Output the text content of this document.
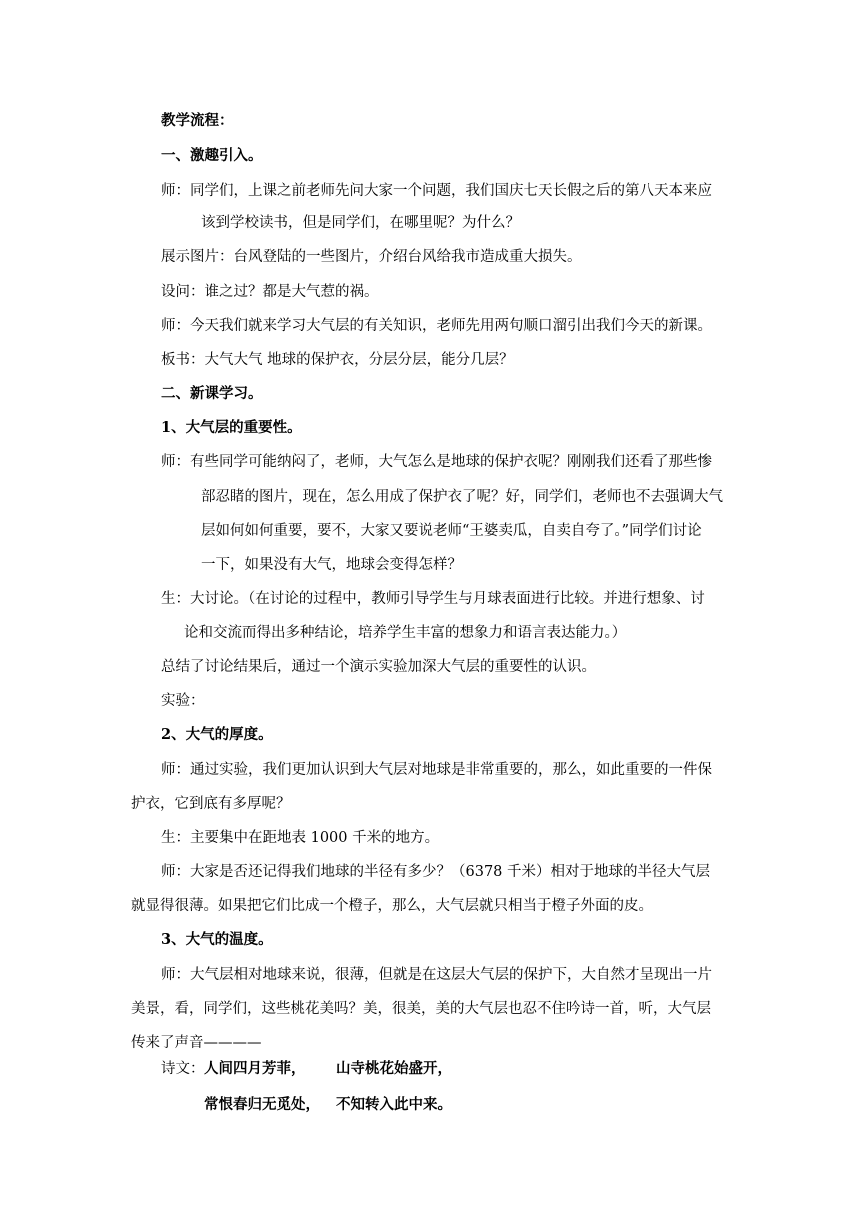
教学流程：
一、激趣引入。
师：同学们，上课之前老师先问大家一个问题，我们国庆七天长假之后的第八天本来应
该到学校读书，但是同学们，在哪里呢？为什么？
展示图片：台风登陆的一些图片，介绍台风给我市造成重大损失。
设问：谁之过？都是大气惹的祸。
师：今天我们就来学习大气层的有关知识，老师先用两句顺口溜引出我们今天的新课。
板书：大气大气 地球的保护衣，分层分层，能分几层？
二、新课学习。
1、大气层的重要性。
师：有些同学可能纳闷了，老师，大气怎么是地球的保护衣呢？刚刚我们还看了那些惨
部忍睹的图片，现在，怎么用成了保护衣了呢？好，同学们，老师也不去强调大气
层如何如何重要，要不，大家又要说老师“王婆卖瓜，自卖自夸了。”同学们讨论
一下，如果没有大气，地球会变得怎样？
生：大讨论。（在讨论的过程中，教师引导学生与月球表面进行比较。并进行想象、讨
论和交流而得出多种结论，培养学生丰富的想象力和语言表达能力。）
总结了讨论结果后，通过一个演示实验加深大气层的重要性的认识。
实验：
2、大气的厚度。
师：通过实验，我们更加认识到大气层对地球是非常重要的，那么，如此重要的一件保
护衣，它到底有多厚呢？
生：主要集中在距地表 1000 千米的地方。
师：大家是否还记得我们地球的半径有多少？（6378 千米）相对于地球的半径大气层
就显得很薄。如果把它们比成一个橙子，那么，大气层就只相当于橙子外面的皮。
3、大气的温度。
师：大气层相对地球来说，很薄，但就是在这层大气层的保护下，大自然才呈现出一片
美景，看，同学们，这些桃花美吗？美，很美，美的大气层也忍不住吟诗一首，听，大气层
传来了声音————
诗文： 人间四月芳菲， 山寺桃花始盛开，
常恨春归无觅处， 不知转入此中来。
